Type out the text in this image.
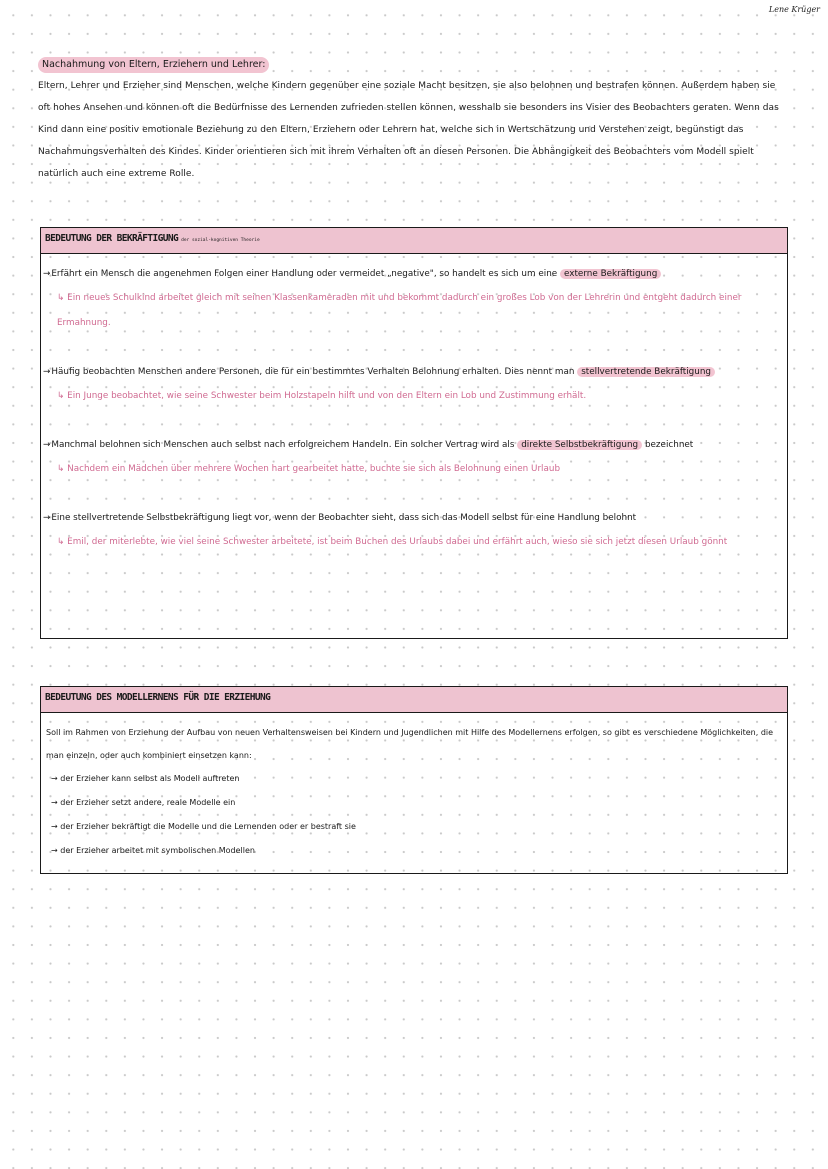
Lene Krüger
Nachahmung von Eltern, Erziehern und Lehrer:

Eltern, Lehrer und Erzieher sind Menschen, welche Kindern gegenüber eine soziale Macht besitzen, sie also belohnen und bestrafen können. Außerdem haben sie oft hohes Ansehen und können oft die Bedürfnisse des Lernenden zufrieden stellen können, wesshalb sie besonders ins Visier des Beobachters geraten. Wenn das Kind dann eine positiv emotionale Beziehung zu den Eltern, Erziehern oder Lehrern hat, welche sich in Wertschätzung und Verstehen zeigt, begünstigt das Nachahmungsverhalten des Kindes. Kinder orientieren sich mit ihrem Verhalten oft an diesen Personen. Die Abhängigkeit des Beobachters vom Modell spielt natürlich auch eine extreme Rolle.

BEDEUTUNG DER BEKRÄFTIGUNG der sozial-kognitiven Theorie

→Erfährt ein Mensch die angenehmen Folgen einer Handlung oder vermeidet „negative", so handelt es sich um eine externe Bekräftigung

↳ Ein neues Schulkind arbeitet gleich mit seinen Klassenkameraden mit und bekommt dadurch ein großes Lob von der Lehrerin und entgeht dadurch einer Ermahnung.

→Häufig beobachten Menschen andere Personen, die für ein bestimmtes Verhalten Belohnung erhalten. Dies nennt man stellvertretende Bekräftigung

↳ Ein Junge beobachtet, wie seine Schwester beim Holzstapeln hilft und von den Eltern ein Lob und Zustimmung erhält.

→Manchmal belohnen sich Menschen auch selbst nach erfolgreichem Handeln. Ein solcher Vertrag wird als direkte Selbstbekräftigung bezeichnet

↳ Nachdem ein Mädchen über mehrere Wochen hart gearbeitet hatte, buchte sie sich als Belohnung einen Urlaub

→Eine stellvertretende Selbstbekräftigung liegt vor, wenn der Beobachter sieht, dass sich das Modell selbst für eine Handlung belohnt

↳ Emil, der miterlebte, wie viel seine Schwester arbeitete, ist beim Buchen des Urlaubs dabei und erfährt auch, wieso sie sich jetzt diesen Urlaub gönnt

BEDEUTUNG DES MODELLERNENS FÜR DIE ERZIEHUNG

Soll im Rahmen von Erziehung der Aufbau von neuen Verhaltensweisen bei Kindern und Jugendlichen mit Hilfe des Modellernens erfolgen, so gibt es verschiedene Möglichkeiten, die man einzeln, oder auch kombiniert einsetzen kann:

→ der Erzieher kann selbst als Modell auftreten
→ der Erzieher setzt andere, reale Modelle ein
→ der Erzieher bekräftigt die Modelle und die Lernenden oder er bestraft sie
→ der Erzieher arbeitet mit symbolischen Modellen
